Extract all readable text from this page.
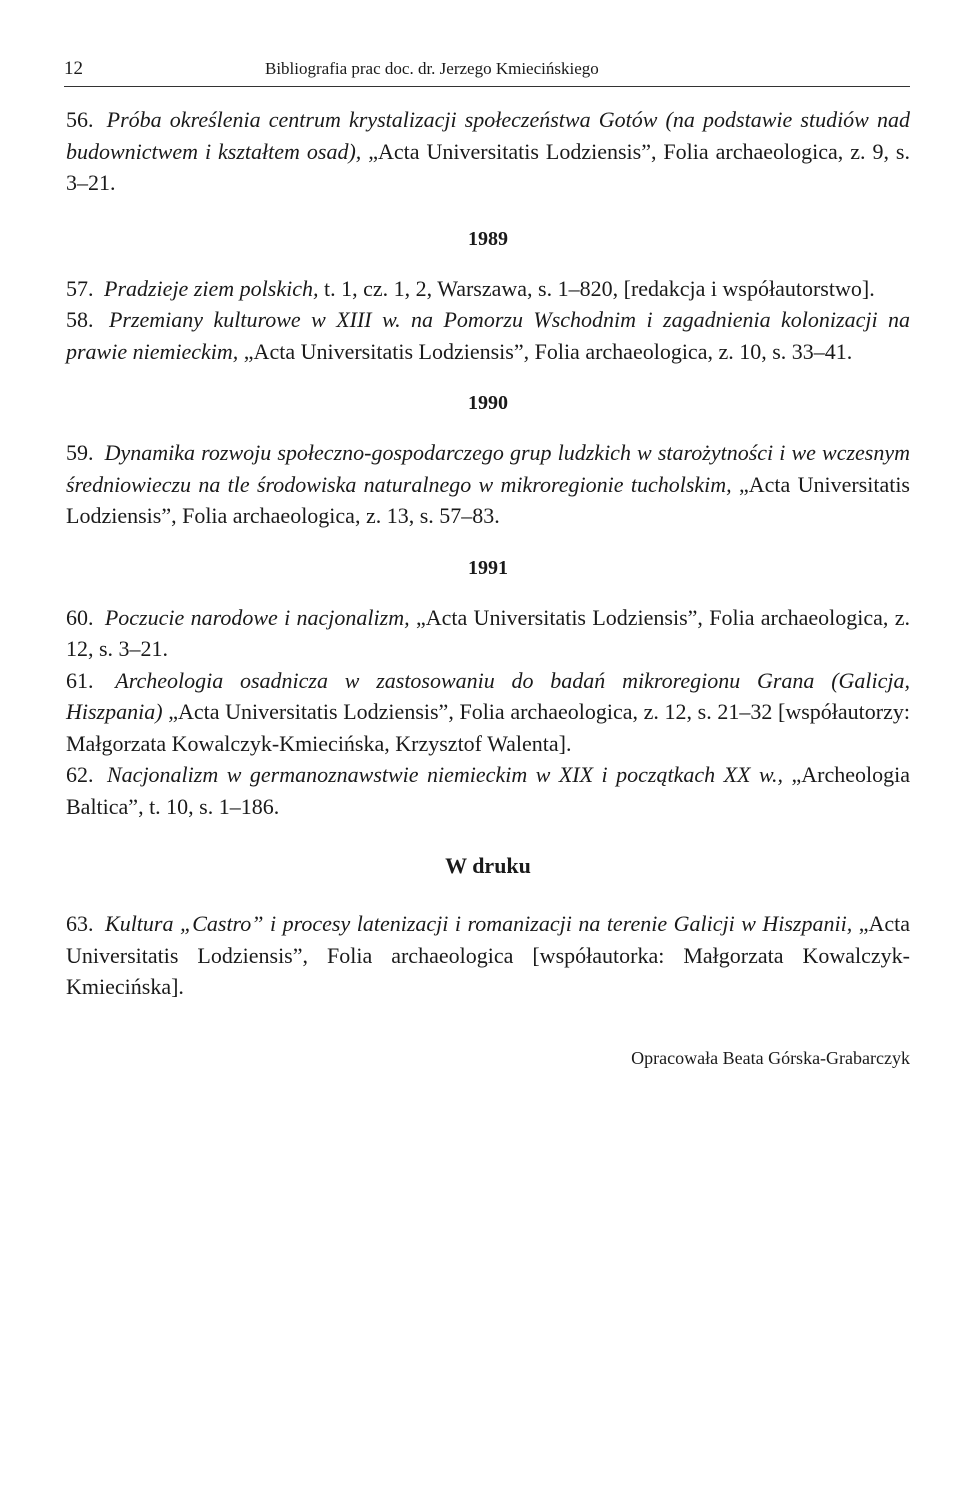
12	Bibliografia prac doc. dr. Jerzego Kmiecińskiego

56. Próba określenia centrum krystalizacji społeczeństwa Gotów (na podstawie studiów nad budownictwem i kształtem osad), „Acta Universitatis Lodziensis”, Folia archaeologica, z. 9, s. 3–21.

1989

57. Pradzieje ziem polskich, t. 1, cz. 1, 2, Warszawa, s. 1–820, [redakcja i współautorstwo].

58. Przemiany kulturowe w XIII w. na Pomorzu Wschodnim i zagadnienia kolonizacji na prawie niemieckim, „Acta Universitatis Lodziensis”, Folia archaeologica, z. 10, s. 33–41.

1990

59. Dynamika rozwoju społeczno-gospodarczego grup ludzkich w starożytności i we wczesnym średniowieczu na tle środowiska naturalnego w mikroregionie tucholskim, „Acta Universitatis Lodziensis”, Folia archaeologica, z. 13, s. 57–83.

1991

60. Poczucie narodowe i nacjonalizm, „Acta Universitatis Lodziensis”, Folia archaeologica, z. 12, s. 3–21.

61. Archeologia osadnicza w zastosowaniu do badań mikroregionu Grana (Galicja, Hiszpania) „Acta Universitatis Lodziensis”, Folia archaeologica, z. 12, s. 21–32 [współautorzy: Małgorzata Kowalczyk-Kmiecińska, Krzysztof Walenta].

62. Nacjonalizm w germanoznawstwie niemieckim w XIX i początkach XX w., „Archeologia Baltica”, t. 10, s. 1–186.

W druku

63. Kultura „Castro” i procesy latenizacji i romanizacji na terenie Galicji w Hiszpanii, „Acta Universitatis Lodziensis”, Folia archaeologica [współautorka: Małgorzata Kowalczyk-Kmiecińska].

Opracowała Beata Górska-Grabarczyk
